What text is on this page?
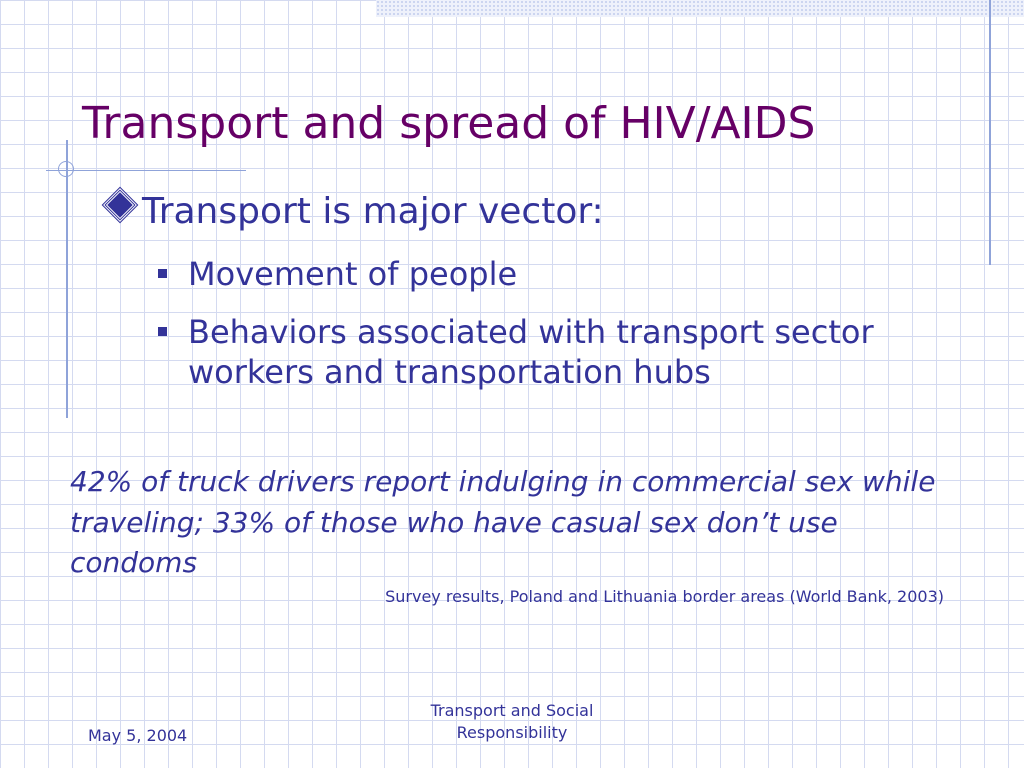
Transport and spread of HIV/AIDS
Transport is major vector:
Movement of people
Behaviors associated with transport sector workers and transportation hubs
42% of truck drivers report indulging in commercial sex while traveling; 33% of those who have casual sex don’t use condoms
Survey results, Poland and Lithuania border areas (World Bank, 2003)
May 5, 2004
Transport and Social Responsibility
